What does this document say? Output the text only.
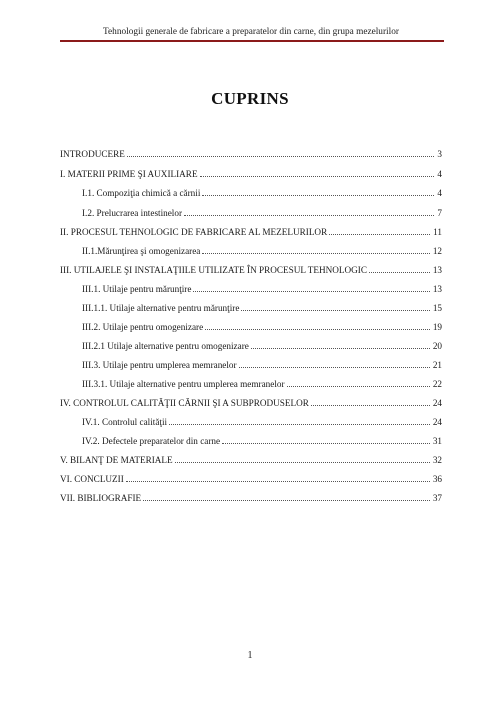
Tehnologii generale de fabricare a preparatelor din carne, din grupa mezelurilor
CUPRINS
INTRODUCERE	3
I. MATERII PRIME ŞI AUXILIARE	4
I.1. Compoziţia chimică a cărnii	4
I.2. Prelucrarea intestinelor	7
II. PROCESUL TEHNOLOGIC DE FABRICARE AL MEZELURILOR	11
II.1.Mărunţirea şi omogenizarea	12
III. UTILAJELE ŞI INSTALAŢIILE UTILIZATE ÎN PROCESUL TEHNOLOGIC	13
III.1. Utilaje pentru mărunţire	13
III.1.1. Utilaje alternative pentru mărunţire	15
III.2. Utilaje pentru omogenizare	19
III.2.1 Utilaje alternative pentru omogenizare	20
III.3. Utilaje pentru umplerea memranelor	21
III.3.1. Utilaje alternative pentru umplerea memranelor	22
IV. CONTROLUL CALITĂŢII CĂRNII ŞI A SUBPRODUSELOR	24
IV.1. Controlul calităţii	24
IV.2. Defectele preparatelor din carne	31
V. BILANŢ DE MATERIALE	32
VI. CONCLUZII	36
VII. BIBLIOGRAFIE	37
1
